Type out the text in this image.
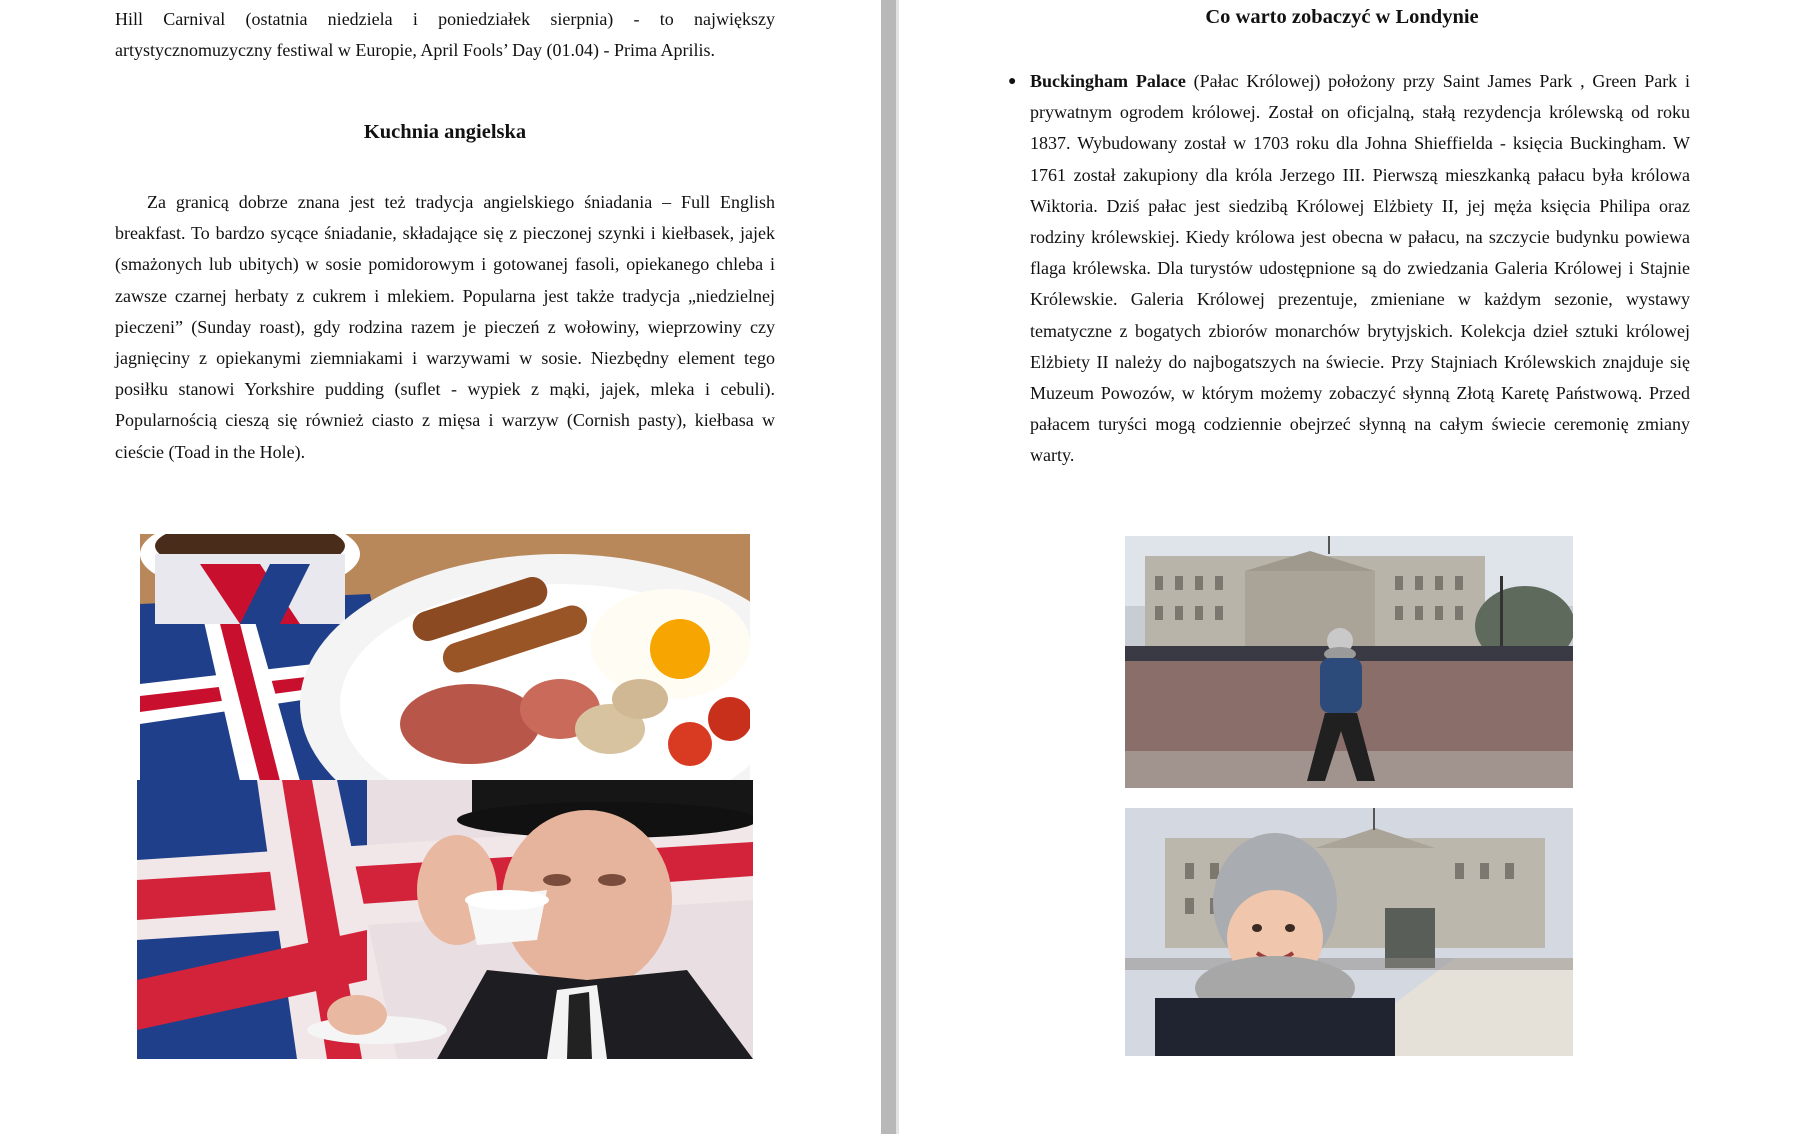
Hill Carnival (ostatnia niedziela i poniedziałek sierpnia) - to największy artystycznomuzyczny festiwal w Europie, April Fools’ Day (01.04) - Prima Aprilis.
Kuchnia angielska
Za granicą dobrze znana jest też tradycja angielskiego śniadania – Full English breakfast. To bardzo sycące śniadanie, składające się z pieczonej szynki i kiełbasek, jajek (smażonych lub ubitych) w sosie pomidorowym i gotowanej fasoli, opiekanego chleba i zawsze czarnej herbaty z cukrem i mlekiem. Popularna jest także tradycja „niedzielnej pieczeni” (Sunday roast), gdy rodzina razem je pieczeń z wołowiny, wieprzowiny czy jagnięciny z opiekanymi ziemniakami i warzywami w sosie. Niezbędny element tego posiłku stanowi Yorkshire pudding (suflet - wypiek z mąki, jajek, mleka i cebuli). Popularnością cieszą się również ciasto z mięsa i warzyw (Cornish pasty), kiełbasa w cieście (Toad in the Hole).
Co warto zobaczyć w Londynie
● Buckingham Palace (Pałac Królowej) położony przy Saint James Park , Green Park i prywatnym ogrodem królowej. Został on oficjalną, stałą rezydencja królewską od roku 1837. Wybudowany został w 1703 roku dla Johna Shieffielda - księcia Buckingham. W 1761 został zakupiony dla króla Jerzego III. Pierwszą mieszkanką pałacu była królowa Wiktoria. Dziś pałac jest siedzibą Królowej Elżbiety II, jej męża księcia Philipa oraz rodziny królewskiej. Kiedy królowa jest obecna w pałacu, na szczycie budynku powiewa flaga królewska. Dla turystów udostępnione są do zwiedzania Galeria Królowej i Stajnie Królewskie. Galeria Królowej prezentuje, zmieniane w każdym sezonie, wystawy tematyczne z bogatych zbiorów monarchów brytyjskich. Kolekcja dzieł sztuki królowej Elżbiety II należy do najbogatszych na świecie. Przy Stajniach Królewskich znajduje się Muzeum Powozów, w którym możemy zobaczyć słynną Złotą Karetę Państwową. Przed pałacem turyści mogą codziennie obejrzeć słynną na całym świecie ceremonię zmiany warty.
